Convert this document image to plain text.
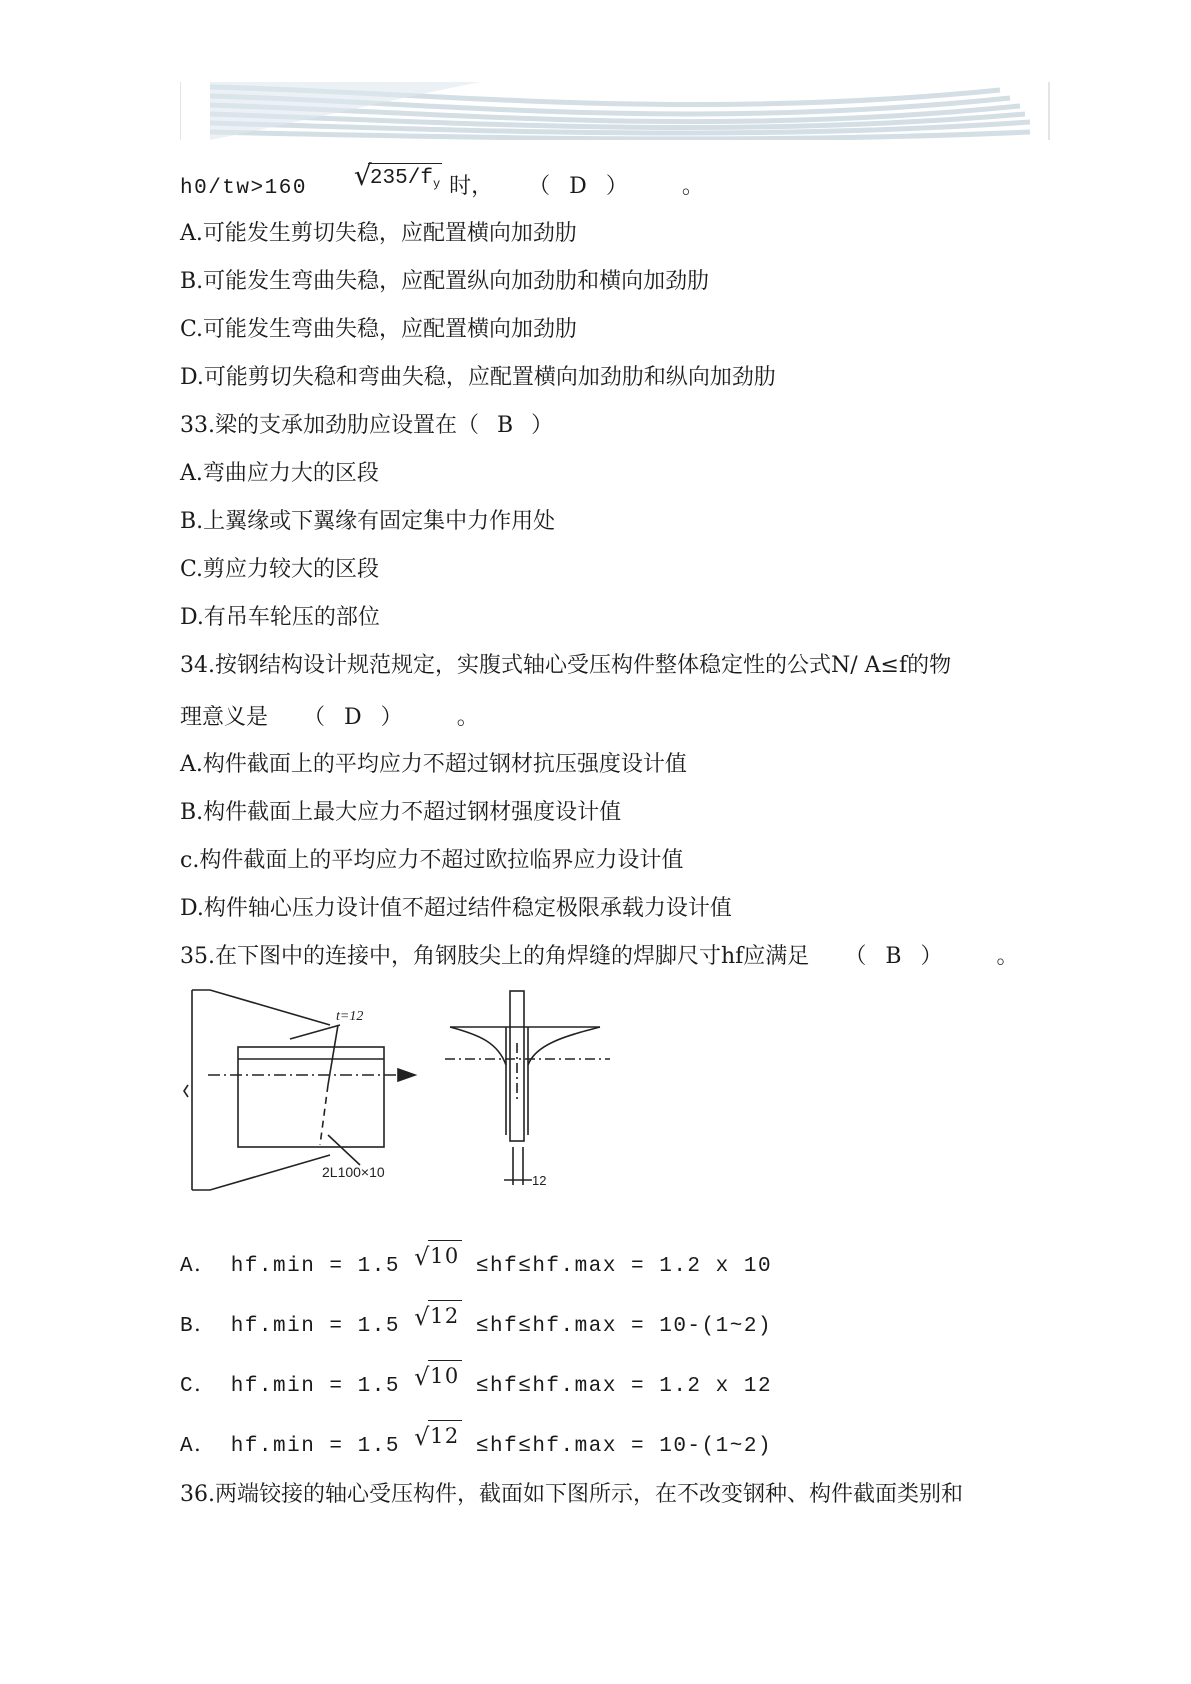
h0/tw>160 √
235/fy 时， （ D ） 。
A.可能发生剪切失稳，应配置横向加劲肋
B.可能发生弯曲失稳，应配置纵向加劲肋和横向加劲肋
C.可能发生弯曲失稳，应配置横向加劲肋
D.可能剪切失稳和弯曲失稳，应配置横向加劲肋和纵向加劲肋
33.梁的支承加劲肋应设置在（ B ）
A.弯曲应力大的区段
B.上翼缘或下翼缘有固定集中力作用处
C.剪应力较大的区段
D.有吊车轮压的部位
34.按钢结构设计规范规定，实腹式轴心受压构件整体稳定性的公式N/ A≤f的物
理意义是 （ D ） 。
A.构件截面上的平均应力不超过钢材抗压强度设计值
B.构件截面上最大应力不超过钢材强度设计值
c.构件截面上的平均应力不超过欧拉临界应力设计值
D.构件轴心压力设计值不超过结件稳定极限承载力设计值
35.在下图中的连接中，角钢肢尖上的角焊缝的焊脚尺寸hf应满足 （ B ） 。
A． hf.min = 1.5 √ 10 ≤hf≤hf.max = 1.2 x 10
B． hf.min = 1.5 √ 12 ≤hf≤hf.max = 10-(1~2)
C． hf.min = 1.5 √ 10 ≤hf≤hf.max = 1.2 x 12
A． hf.min = 1.5 √ 12 ≤hf≤hf.max = 10-(1~2)
36.两端铰接的轴心受压构件，截面如下图所示，在不改变钢种、构件截面类别和
t=12
2L100×10
12
